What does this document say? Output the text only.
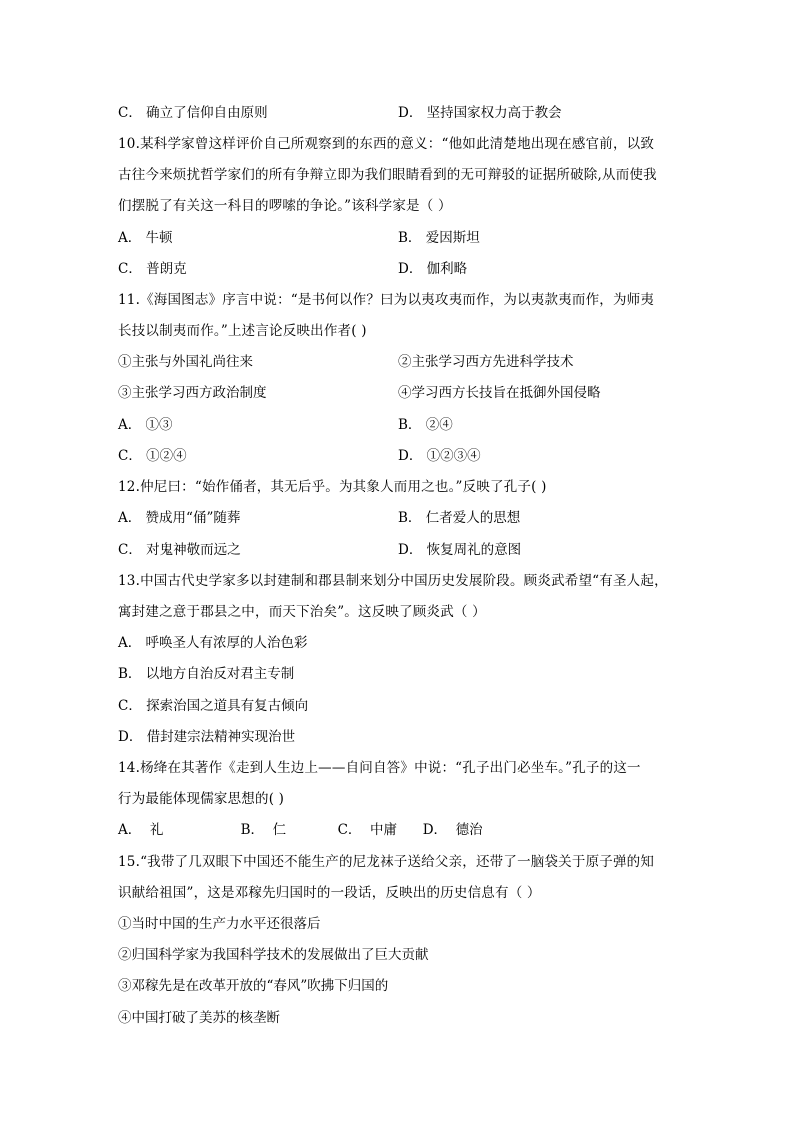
C． 确立了信仰自由原则	D． 坚持国家权力高于教会
10.某科学家曾这样评价自己所观察到的东西的意义：“他如此清楚地出现在感官前，以致
古往今来烦扰哲学家们的所有争辩立即为我们眼睛看到的无可辩驳的证据所破除,从而使我
们摆脱了有关这一科目的啰嗦的争论。”该科学家是（ ）
A． 牛顿	B． 爱因斯坦
C． 普朗克	D． 伽利略
11.《海国图志》序言中说：“是书何以作？曰为以夷攻夷而作，为以夷款夷而作，为师夷
长技以制夷而作。”上述言论反映出作者( )
①主张与外国礼尚往来	②主张学习西方先进科学技术
③主张学习西方政治制度	④学习西方长技旨在抵御外国侵略
A． ①③	B． ②④
C． ①②④	D． ①②③④
12.仲尼曰：“始作俑者，其无后乎。为其象人而用之也。”反映了孔子( )
A． 赞成用“俑”随葬	B． 仁者爱人的思想
C． 对鬼神敬而远之	D． 恢复周礼的意图
13.中国古代史学家多以封建制和郡县制来划分中国历史发展阶段。顾炎武希望“有圣人起，
寓封建之意于郡县之中，而天下治矣”。这反映了顾炎武（ ）
A． 呼唤圣人有浓厚的人治色彩
B． 以地方自治反对君主专制
C． 探索治国之道具有复古倾向
D． 借封建宗法精神实现治世
14.杨绛在其著作《走到人生边上——自问自答》中说：“孔子出门必坐车。”孔子的这一
行为最能体现儒家思想的( )
A．  礼                  B．  仁            C．  中庸      D．  德治
15.“我带了几双眼下中国还不能生产的尼龙袜子送给父亲，还带了一脑袋关于原子弹的知
识献给祖国”，这是邓稼先归国时的一段话，反映出的历史信息有（ ）
①当时中国的生产力水平还很落后
②归国科学家为我国科学技术的发展做出了巨大贡献
③邓稼先是在改革开放的“春风”吹拂下归国的
④中国打破了美苏的核垄断
